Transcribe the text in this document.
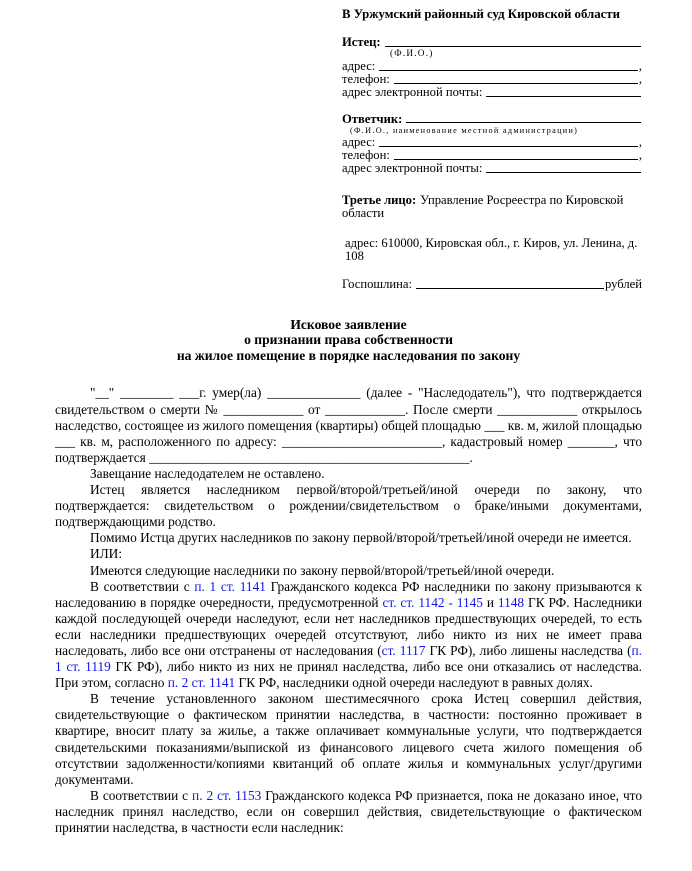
В Уржумский районный суд Кировской области
Истец:
(Ф.И.О.)
адрес:	,
телефон:	,
адрес электронной почты:
Ответчик:
(Ф.И.О., наименование местной администрации)
адрес:	,
телефон:	,
адрес электронной почты:
Третье лицо: Управление Росреестра по Кировской области
адрес: 610000, Кировская обл., г. Киров, ул. Ленина, д. 108
Госпошлина:	рублей
Исковое заявление
о признании права собственности
на жилое помещение в порядке наследования по закону

"__" ________ ___г. умер(ла) ______________ (далее - "Наследодатель"), что подтверждается свидетельством о смерти № ____________ от ____________. После смерти ____________ открылось наследство, состоящее из жилого помещения (квартиры) общей площадью ___ кв. м, жилой площадью ___ кв. м, расположенного по адресу: ________________________, кадастровый номер _______, что подтверждается ________________________________________________.

Завещание наследодателем не оставлено.

Истец является наследником первой/второй/третьей/иной очереди по закону, что подтверждается: свидетельством о рождении/свидетельством о браке/иными документами, подтверждающими родство.

Помимо Истца других наследников по закону первой/второй/третьей/иной очереди не имеется.

ИЛИ:

Имеются следующие наследники по закону первой/второй/третьей/иной очереди.

В соответствии с п. 1 ст. 1141 Гражданского кодекса РФ наследники по закону призываются к наследованию в порядке очередности, предусмотренной ст. ст. 1142 - 1145 и 1148 ГК РФ. Наследники каждой последующей очереди наследуют, если нет наследников предшествующих очередей, то есть если наследники предшествующих очередей отсутствуют, либо никто из них не имеет права наследовать, либо все они отстранены от наследования (ст. 1117 ГК РФ), либо лишены наследства (п. 1 ст. 1119 ГК РФ), либо никто из них не принял наследства, либо все они отказались от наследства. При этом, согласно п. 2 ст. 1141 ГК РФ, наследники одной очереди наследуют в равных долях.

В течение установленного законом шестимесячного срока Истец совершил действия, свидетельствующие о фактическом принятии наследства, в частности: постоянно проживает в квартире, вносит плату за жилье, а также оплачивает коммунальные услуги, что подтверждается свидетельскими показаниями/выпиской из финансового лицевого счета жилого помещения об отсутствии задолженности/копиями квитанций об оплате жилья и коммунальных услуг/другими документами.

В соответствии с п. 2 ст. 1153 Гражданского кодекса РФ признается, пока не доказано иное, что наследник принял наследство, если он совершил действия, свидетельствующие о фактическом принятии наследства, в частности если наследник:
